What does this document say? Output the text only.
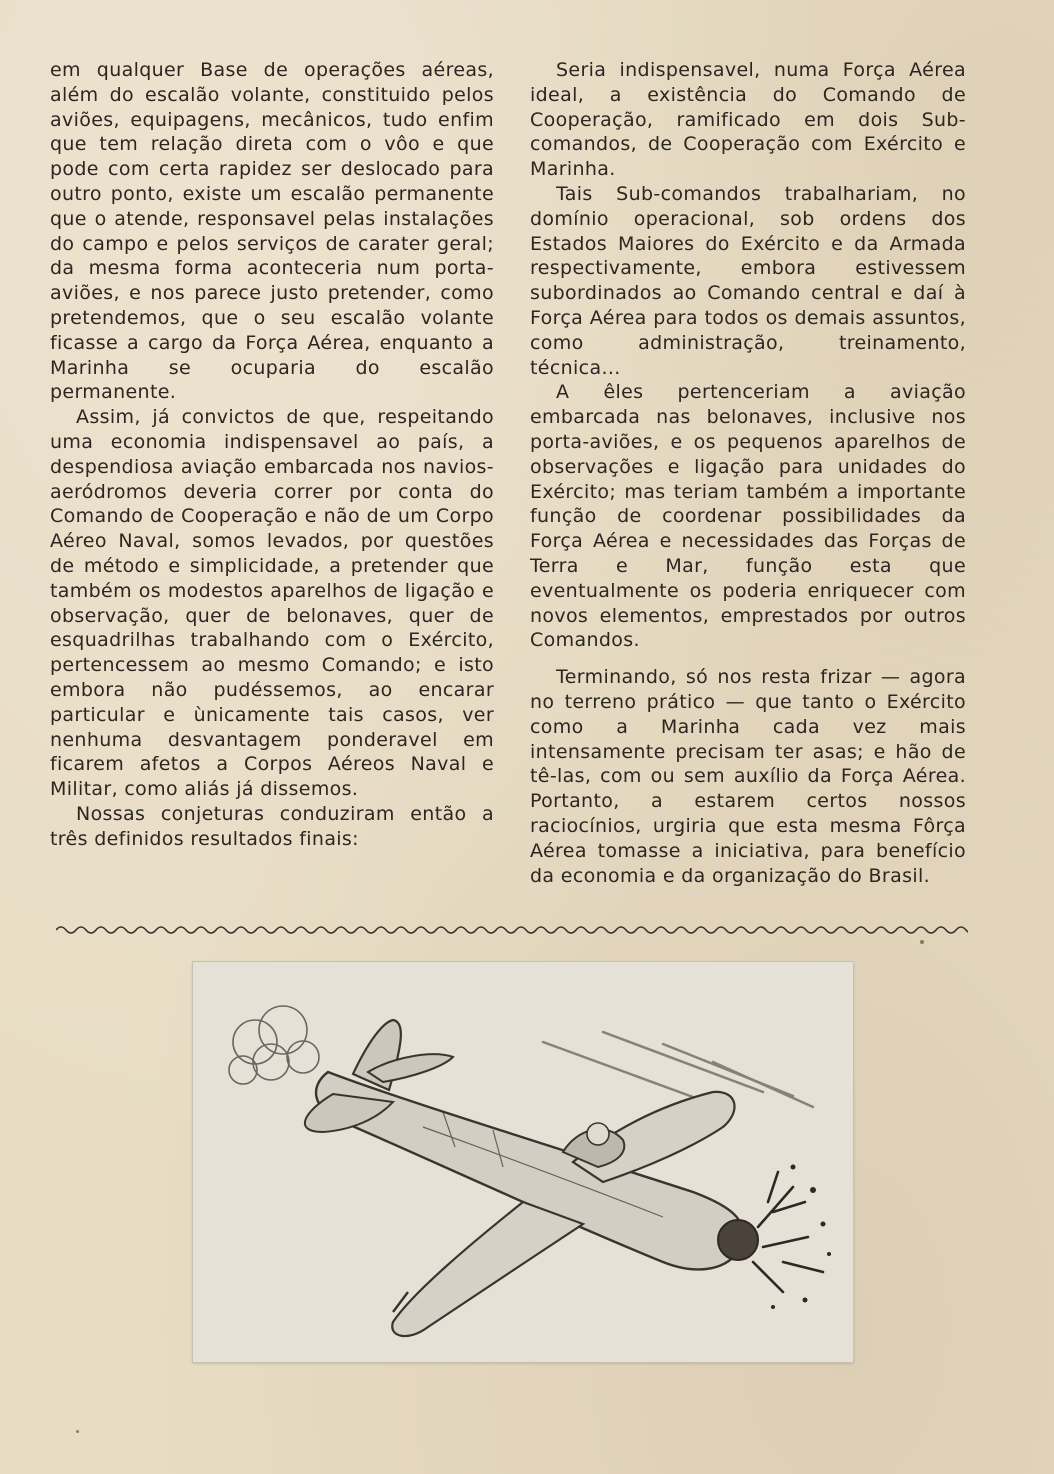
em qualquer Base de operações aéreas, além do escalão volante, constituido pelos aviões, equipagens, mecânicos, tudo enfim que tem relação direta com o vôo e que pode com certa rapidez ser deslocado para outro ponto, existe um escalão permanente que o atende, responsavel pelas instalações do campo e pelos serviços de carater geral; da mesma forma aconteceria num porta-aviões, e nos parece justo pretender, como pretendemos, que o seu escalão volante ficasse a cargo da Força Aérea, enquanto a Marinha se ocuparia do escalão permanente.

Assim, já convictos de que, respeitando uma economia indispensavel ao país, a despendiosa aviação embarcada nos navios-aeródromos deveria correr por conta do Comando de Cooperação e não de um Corpo Aéreo Naval, somos levados, por questões de método e simplicidade, a pretender que também os modestos aparelhos de ligação e observação, quer de belonaves, quer de esquadrilhas trabalhando com o Exército, pertencessem ao mesmo Comando; e isto embora não pudéssemos, ao encarar particular e ùnicamente tais casos, ver nenhuma desvantagem ponderavel em ficarem afetos a Corpos Aéreos Naval e Militar, como aliás já dissemos.

Nossas conjeturas conduziram então a três definidos resultados finais:

Seria indispensavel, numa Força Aérea ideal, a existência do Comando de Cooperação, ramificado em dois Sub-comandos, de Cooperação com Exército e Marinha.

Tais Sub-comandos trabalhariam, no domínio operacional, sob ordens dos Estados Maiores do Exército e da Armada respectivamente, embora estivessem subordinados ao Comando central e daí à Força Aérea para todos os demais assuntos, como administração, treinamento, técnica...

A êles pertenceriam a aviação embarcada nas belonaves, inclusive nos porta-aviões, e os pequenos aparelhos de observações e ligação para unidades do Exército; mas teriam também a importante função de coordenar possibilidades da Força Aérea e necessidades das Forças de Terra e Mar, função esta que eventualmente os poderia enriquecer com novos elementos, emprestados por outros Comandos.

Terminando, só nos resta frizar — agora no terreno prático — que tanto o Exército como a Marinha cada vez mais intensamente precisam ter asas; e hão de tê-las, com ou sem auxílio da Força Aérea. Portanto, a estarem certos nossos raciocínios, urgiria que esta mesma Fôrça Aérea tomasse a iniciativa, para benefício da economia e da organização do Brasil.
